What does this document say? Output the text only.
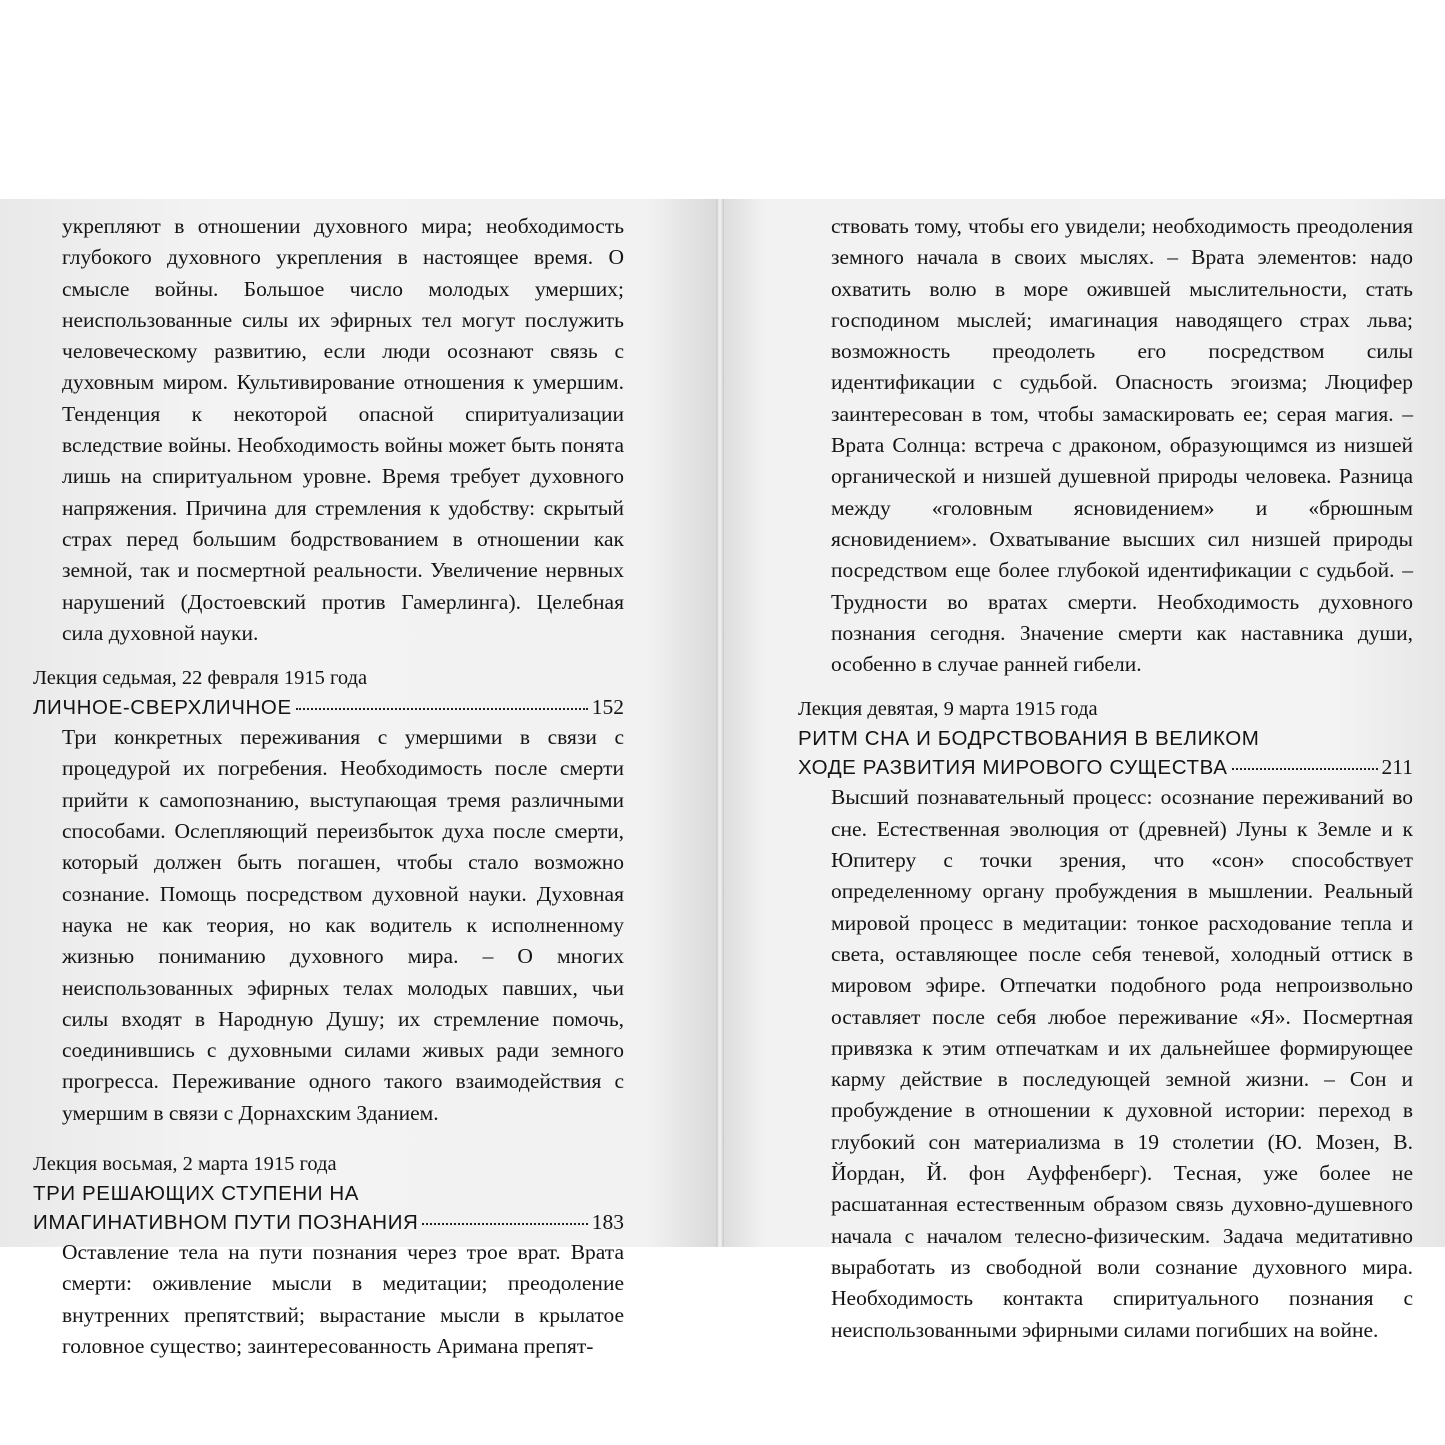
укрепляют в отношении духовного мира; необходимость глубокого духовного укрепления в настоящее время. О смысле войны. Большое число молодых умерших; неиспользованные силы их эфирных тел могут послужить человеческому развитию, если люди осознают связь с духовным миром. Культивирование отношения к умершим. Тенденция к некоторой опасной спиритуализации вследствие войны. Необходимость войны может быть понята лишь на спиритуальном уровне. Время требует духовного напряжения. Причина для стремления к удобству: скрытый страх перед большим бодрствованием в отношении как земной, так и посмертной реальности. Увеличение нервных нарушений (Достоевский против Гамерлинга). Целебная сила духовной науки.
Лекция седьмая, 22 февраля 1915 года
ЛИЧНОЕ-СВЕРХЛИЧНОЕ	152
Три конкретных переживания с умершими в связи с процедурой их погребения. Необходимость после смерти прийти к самопознанию, выступающая тремя различными способами. Ослепляющий переизбыток духа после смерти, который должен быть погашен, чтобы стало возможно сознание. Помощь посредством духовной науки. Духовная наука не как теория, но как водитель к исполненному жизнью пониманию духовного мира. – О многих неиспользованных эфирных телах молодых павших, чьи силы входят в Народную Душу; их стремление помочь, соединившись с духовными силами живых ради земного прогресса. Переживание одного такого взаимодействия с умершим в связи с Дорнахским Зданием.
Лекция восьмая, 2 марта 1915 года
ТРИ РЕШАЮЩИХ СТУПЕНИ НА
ИМАГИНАТИВНОМ ПУТИ ПОЗНАНИЯ	183
Оставление тела на пути познания через трое врат. Врата смерти: оживление мысли в медитации; преодоление внутренних препятствий; вырастание мысли в крылатое головное существо; заинтересованность Аримана препят-
ствовать тому, чтобы его увидели; необходимость преодоления земного начала в своих мыслях. – Врата элементов: надо охватить волю в море ожившей мыслительности, стать господином мыслей; имагинация наводящего страх льва; возможность преодолеть его посредством силы идентификации с судьбой. Опасность эгоизма; Люцифер заинтересован в том, чтобы замаскировать ее; серая магия. – Врата Солнца: встреча с драконом, образующимся из низшей органической и низшей душевной природы человека. Разница между «головным ясновидением» и «брюшным ясновидением». Охватывание высших сил низшей природы посредством еще более глубокой идентификации с судьбой. – Трудности во вратах смерти. Необходимость духовного познания сегодня. Значение смерти как наставника души, особенно в случае ранней гибели.
Лекция девятая, 9 марта 1915 года
РИТМ СНА И БОДРСТВОВАНИЯ В ВЕЛИКОМ
ХОДЕ РАЗВИТИЯ МИРОВОГО СУЩЕСТВА	211
Высший познавательный процесс: осознание переживаний во сне. Естественная эволюция от (древней) Луны к Земле и к Юпитеру с точки зрения, что «сон» способствует определенному органу пробуждения в мышлении. Реальный мировой процесс в медитации: тонкое расходование тепла и света, оставляющее после себя теневой, холодный оттиск в мировом эфире. Отпечатки подобного рода непроизвольно оставляет после себя любое переживание «Я». Посмертная привязка к этим отпечаткам и их дальнейшее формирующее карму действие в последующей земной жизни. – Сон и пробуждение в отношении к духовной истории: переход в глубокий сон материализма в 19 столетии (Ю. Мозен, В. Йордан, Й. фон Ауффенберг). Тесная, уже более не расшатанная естественным образом связь духовно-душевного начала с началом телесно-физическим. Задача медитативно выработать из свободной воли сознание духовного мира. Необходимость контакта спиритуального познания с неиспользованными эфирными силами погибших на войне.
